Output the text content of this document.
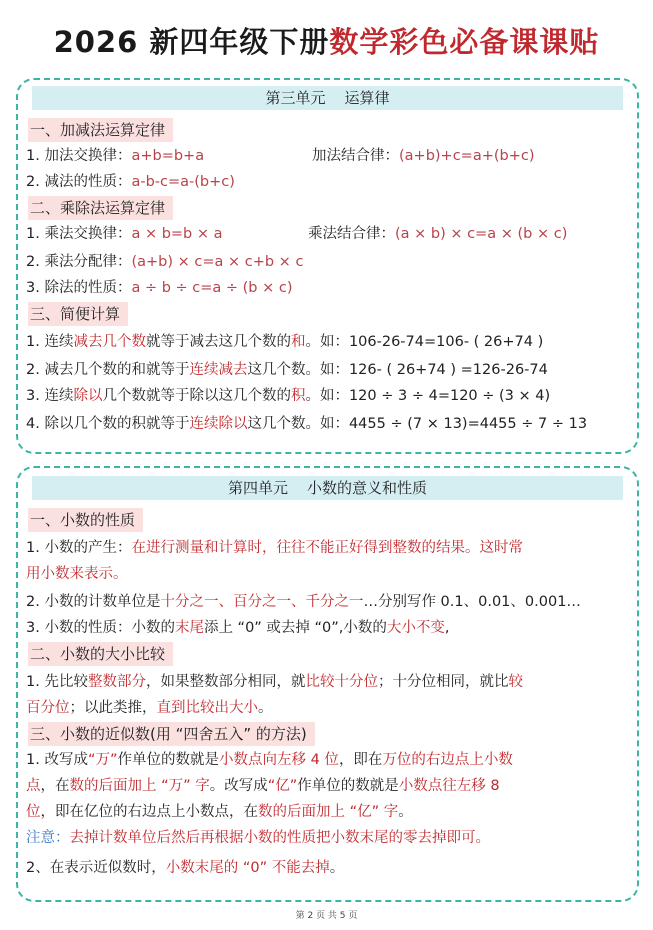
2026 新四年级下册数学彩色必备课课贴
第三单元    运算律
一、加减法运算定律
1. 加法交换律：a+b=b+a	加法结合律：(a+b)+c=a+(b+c)
2. 减法的性质：a-b-c=a-(b+c)
二、乘除法运算定律
1. 乘法交换律：a × b=b × a	乘法结合律：(a × b) × c=a × (b × c)
2. 乘法分配律：(a+b) × c=a × c+b × c
3. 除法的性质：a ÷ b ÷ c=a ÷ (b × c)
三、简便计算
1. 连续减去几个数就等于减去这几个数的和。如：106-26-74=106- ( 26+74 )
2. 减去几个数的和就等于连续减去这几个数。如：126- ( 26+74 ) =126-26-74
3. 连续除以几个数就等于除以这几个数的积。如：120 ÷ 3 ÷ 4=120 ÷ (3 × 4)
4. 除以几个数的积就等于连续除以这几个数。如：4455 ÷ (7 × 13)=4455 ÷ 7 ÷ 13
第四单元    小数的意义和性质
一、小数的性质
1. 小数的产生：在进行测量和计算时，往往不能正好得到整数的结果。这时常
用小数来表示。
2. 小数的计数单位是十分之一、百分之一、千分之一…分别写作 0.1、0.01、0.001…
3. 小数的性质：小数的末尾添上 “0” 或去掉 “0”,小数的大小不变,
二、小数的大小比较
1. 先比较整数部分，如果整数部分相同，就比较十分位；十分位相同，就比较
百分位；以此类推，直到比较出大小。
三、小数的近似数(用 “四舍五入” 的方法)
1. 改写成“万”作单位的数就是小数点向左移 4 位，即在万位的右边点上小数
点，在数的后面加上 “万” 字。改写成“亿”作单位的数就是小数点往左移 8
位，即在亿位的右边点上小数点，在数的后面加上 “亿” 字。
注意：去掉计数单位后然后再根据小数的性质把小数末尾的零去掉即可。
2、在表示近似数时，小数末尾的 “0” 不能去掉。
第 2 页 共 5 页
